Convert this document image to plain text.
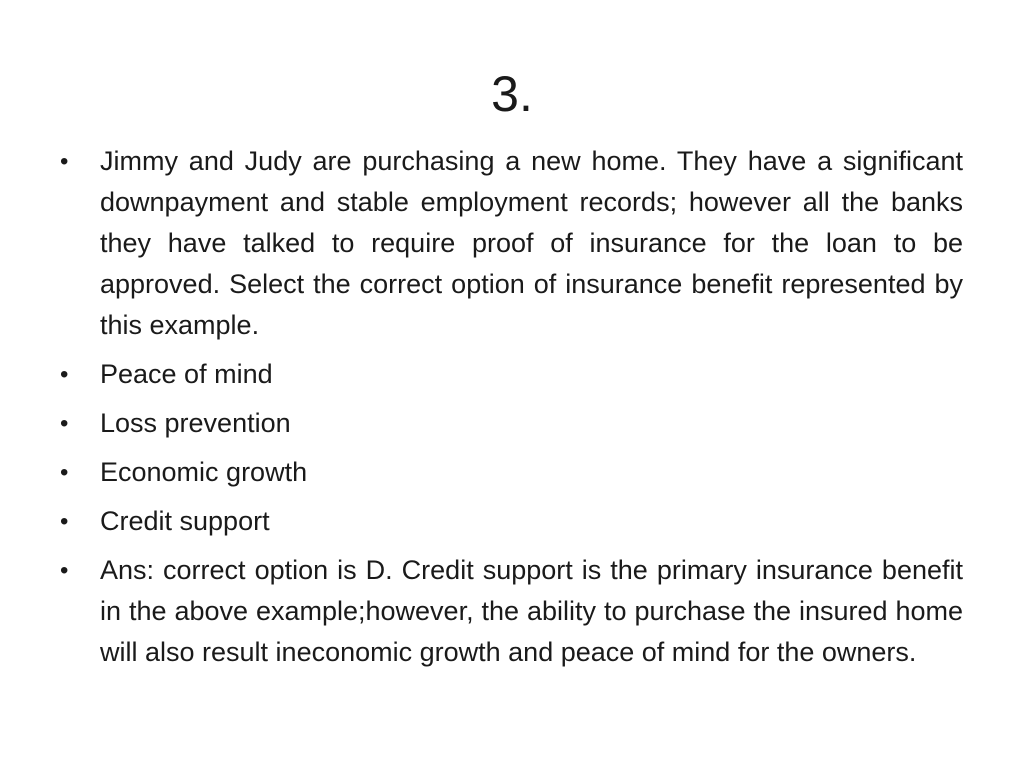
3.
•	Jimmy and Judy are purchasing a new home. They have a significant downpayment and stable employment records; however all the banks they have talked to require proof of insurance for the loan to be approved. Select the correct option of insurance benefit represented by this example.
•	Peace of mind
•	Loss prevention
•	Economic growth
•	Credit support
•	Ans: correct option is D. Credit support is the primary insurance benefit in the above example;however, the ability to purchase the insured home will also result ineconomic growth and peace of mind for the owners.
